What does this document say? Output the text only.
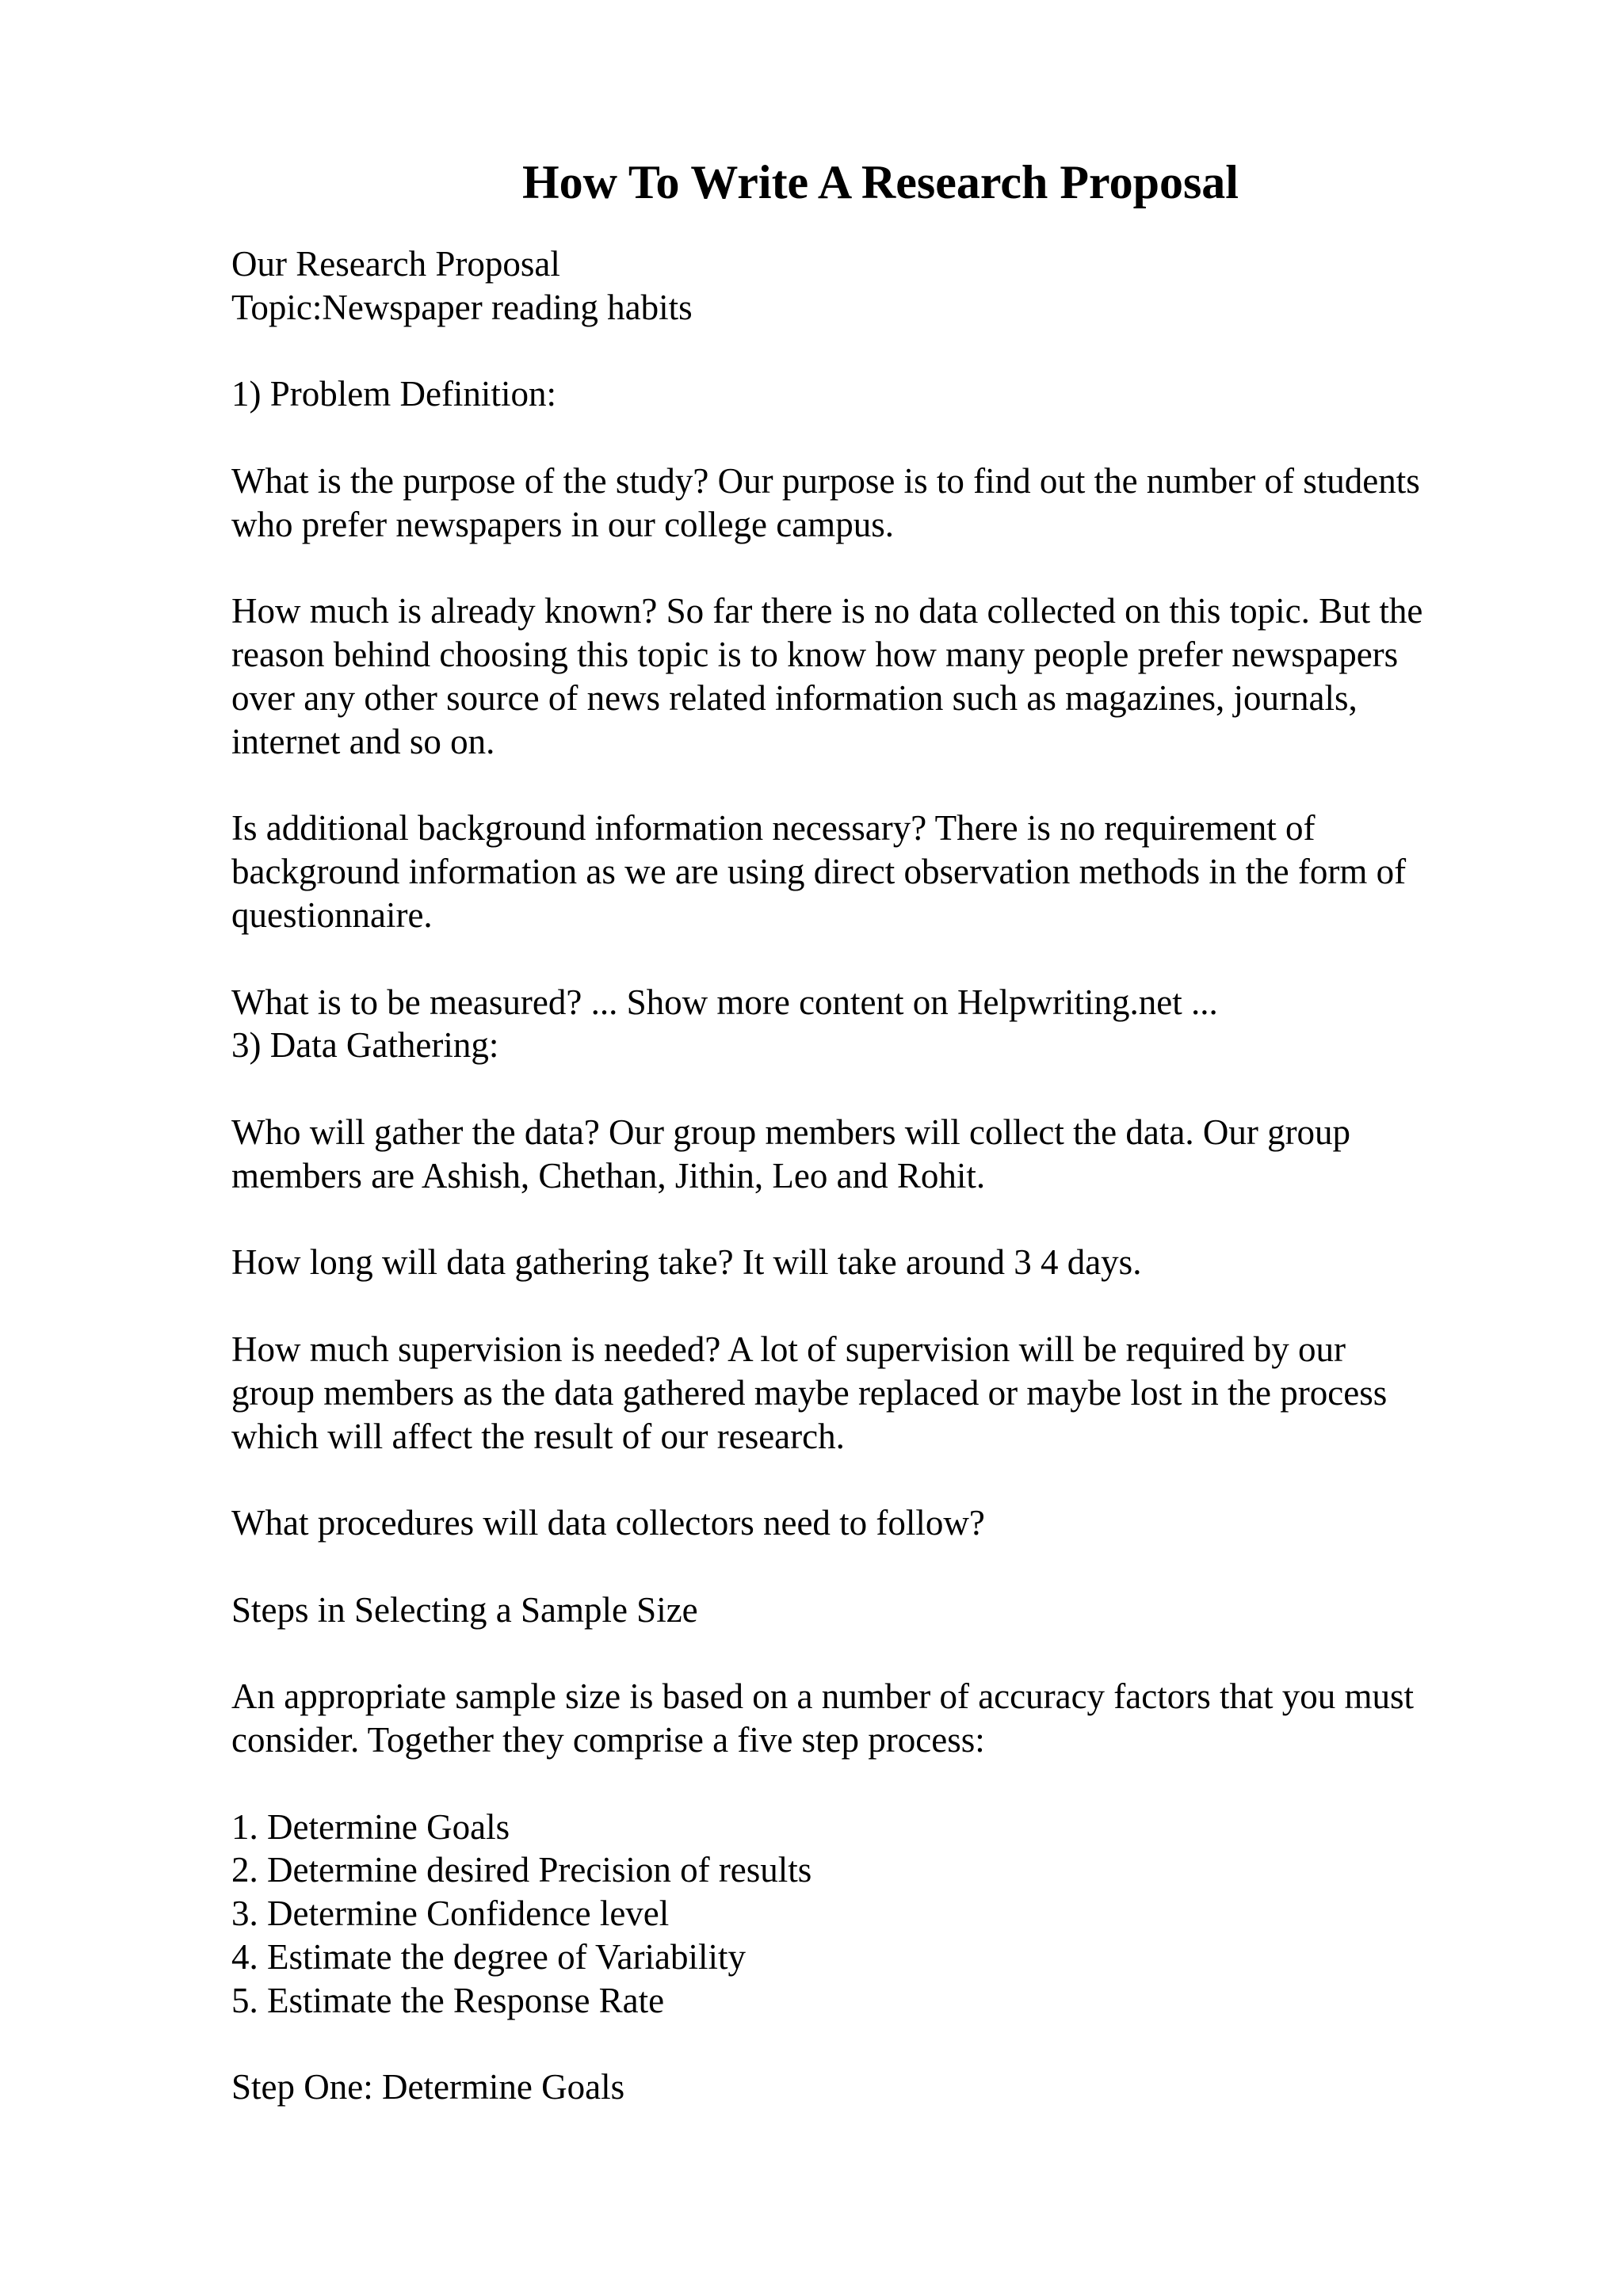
How To Write A Research Proposal
Our Research Proposal
Topic:Newspaper reading habits
1) Problem Definition:
What is the purpose of the study? Our purpose is to find out the number of students
who prefer newspapers in our college campus.
How much is already known? So far there is no data collected on this topic. But the
reason behind choosing this topic is to know how many people prefer newspapers
over any other source of news related information such as magazines, journals,
internet and so on.
Is additional background information necessary? There is no requirement of
background information as we are using direct observation methods in the form of
questionnaire.
What is to be measured? ... Show more content on Helpwriting.net ...
3) Data Gathering:
Who will gather the data? Our group members will collect the data. Our group
members are Ashish, Chethan, Jithin, Leo and Rohit.
How long will data gathering take? It will take around 3 4 days.
How much supervision is needed? A lot of supervision will be required by our
group members as the data gathered maybe replaced or maybe lost in the process
which will affect the result of our research.
What procedures will data collectors need to follow?
Steps in Selecting a Sample Size
An appropriate sample size is based on a number of accuracy factors that you must
consider. Together they comprise a five step process:
1. Determine Goals
2. Determine desired Precision of results
3. Determine Confidence level
4. Estimate the degree of Variability
5. Estimate the Response Rate
Step One: Determine Goals
